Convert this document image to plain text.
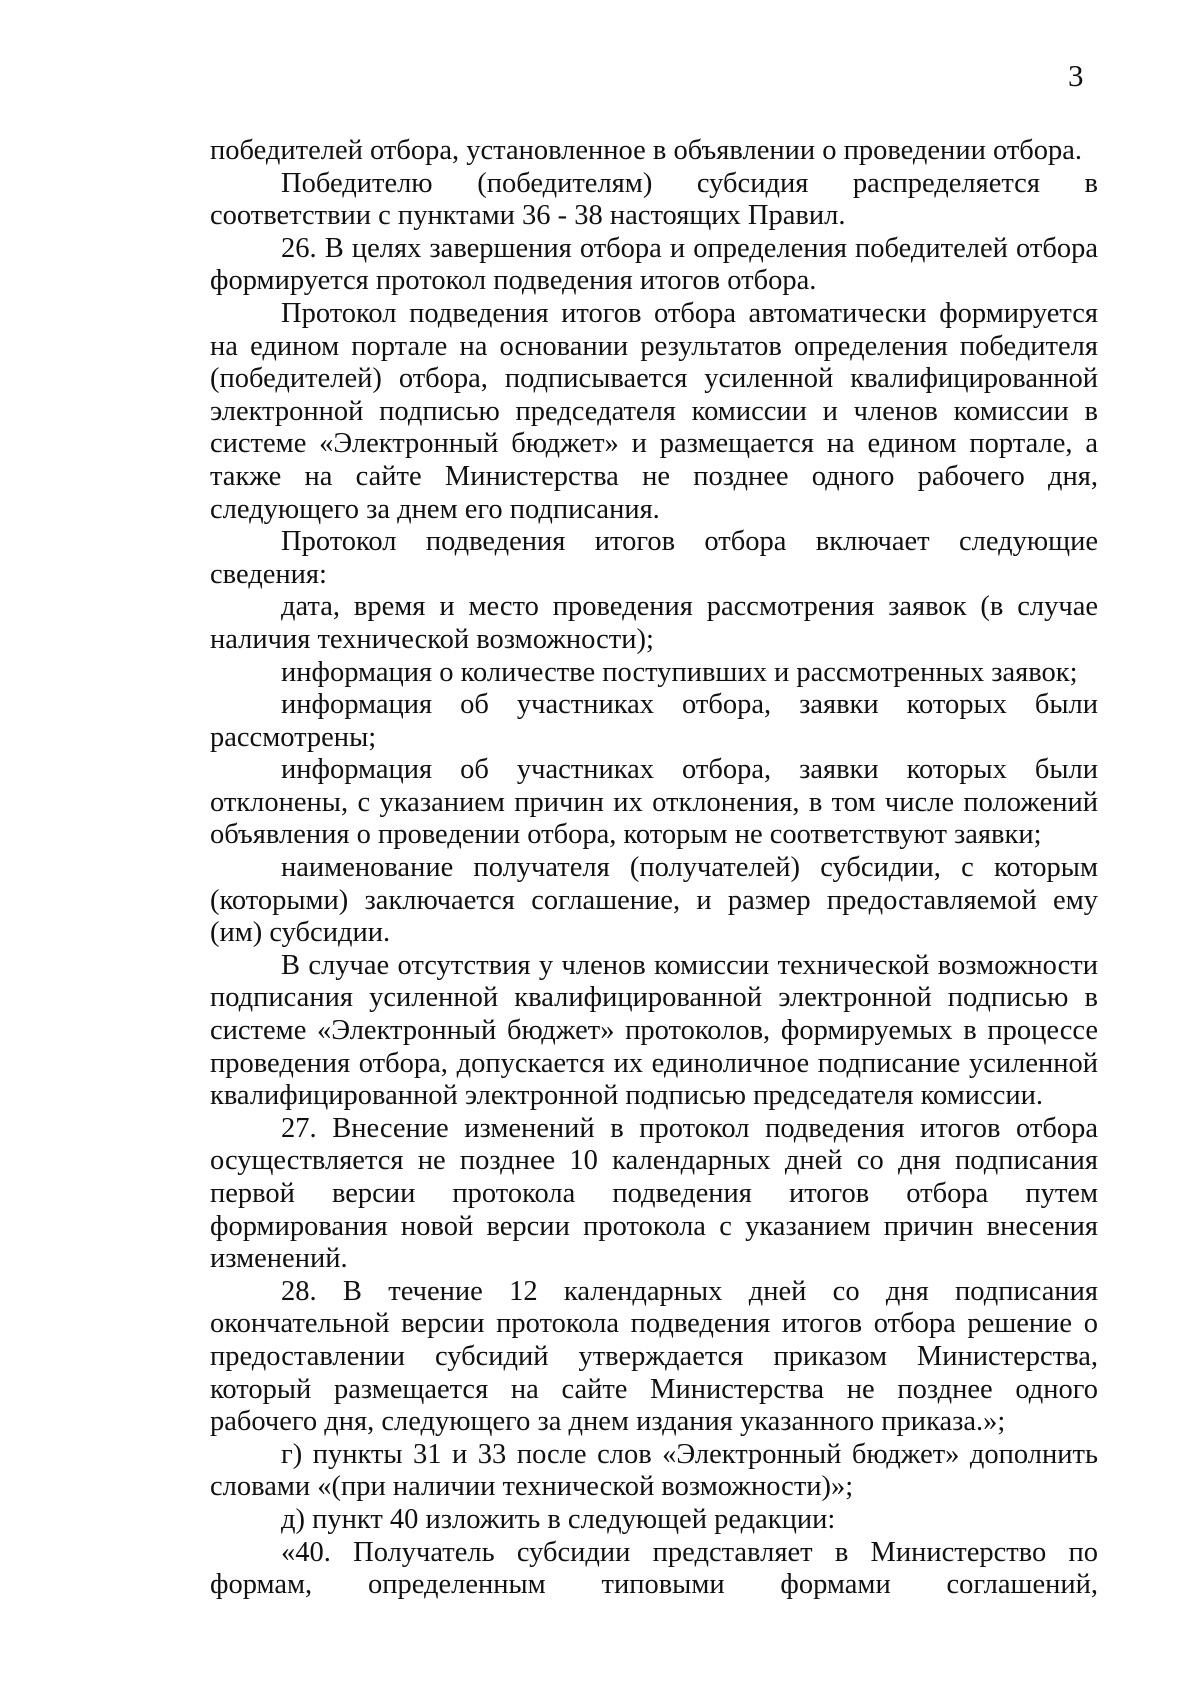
3

победителей отбора, установленное в объявлении о проведении отбора.

Победителю (победителям) субсидия распределяется в соответствии с пунктами 36 - 38 настоящих Правил.

26. В целях завершения отбора и определения победителей отбора формируется протокол подведения итогов отбора.

Протокол подведения итогов отбора автоматически формируется на едином портале на основании результатов определения победителя (победителей) отбора, подписывается усиленной квалифицированной электронной подписью председателя комиссии и членов комиссии в системе «Электронный бюджет» и размещается на едином портале, а также на сайте Министерства не позднее одного рабочего дня, следующего за днем его подписания.

Протокол подведения итогов отбора включает следующие сведения:

дата, время и место проведения рассмотрения заявок (в случае наличия технической возможности);

информация о количестве поступивших и рассмотренных заявок;

информация об участниках отбора, заявки которых были рассмотрены;

информация об участниках отбора, заявки которых были отклонены, с указанием причин их отклонения, в том числе положений объявления о проведении отбора, которым не соответствуют заявки;

наименование получателя (получателей) субсидии, с которым (которыми) заключается соглашение, и размер предоставляемой ему (им) субсидии.

В случае отсутствия у членов комиссии технической возможности подписания усиленной квалифицированной электронной подписью в системе «Электронный бюджет» протоколов, формируемых в процессе проведения отбора, допускается их единоличное подписание усиленной квалифицированной электронной подписью председателя комиссии.

27. Внесение изменений в протокол подведения итогов отбора осуществляется не позднее 10 календарных дней со дня подписания первой версии протокола подведения итогов отбора путем формирования новой версии протокола с указанием причин внесения изменений.

28. В течение 12 календарных дней со дня подписания окончательной версии протокола подведения итогов отбора решение о предоставлении субсидий утверждается приказом Министерства, который размещается на сайте Министерства не позднее одного рабочего дня, следующего за днем издания указанного приказа.»;

г) пункты 31 и 33 после слов «Электронный бюджет» дополнить словами «(при наличии технической возможности)»;

д) пункт 40 изложить в следующей редакции:

«40. Получатель субсидии представляет в Министерство по формам, определенным типовыми формами соглашений,
